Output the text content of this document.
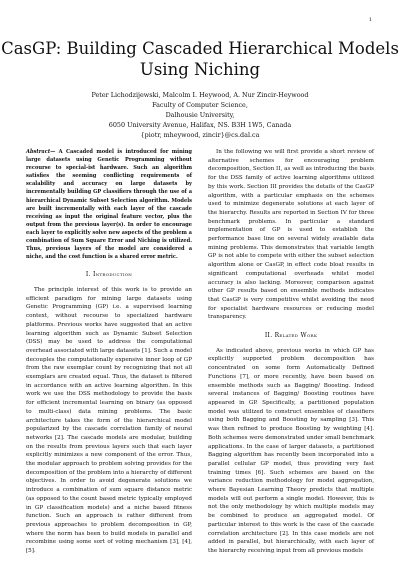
1
CasGP: Building Cascaded Hierarchical Models Using Niching
Peter Lichodzijewski, Malcolm I. Heywood, A. Nur Zincir-Heywood
Faculty of Computer Science,
Dalhousie University,
6050 University Avenue, Halifax, NS. B3H 1W5, Canada
{piotr, mheywood, zincir}@cs.dal.ca

Abstract— A Cascaded model is introduced for mining large datasets using Genetic Programming without recourse to special-ist hardware. Such an algorithm satisfies the seeming conflicting requirements of scalability and accuracy on large datasets by incrementally building GP classifiers through the use of a hierarchical Dynamic Subset Selection algorithm. Models are built incrementally with each layer of the cascade receiving as input the original feature vector, plus the output from the previous layer(s). In order to encourage each layer to explicitly solve new aspects of the problem a combination of Sum Square Error and Niching is utilized. Thus, previous layers of the model are considered a niche, and the cost function is a shared error metric.

I. Introduction

The principle interest of this work is to provide an efficient paradigm for mining large datasets using Genetic Programming (GP) i.e. a supervised learning context, without recourse to specialized hardware platforms. Previous works have suggested that an active learning algorithm such as Dynamic Subset Selection (DSS) may be used to address the computational overhead associated with large datasets [1]. Such a model decouples the computationally expensive inner loop of GP from the raw exemplar count by recognizing that not all exemplars are created equal. Thus, the dataset is filtered in accordance with an active learning algorithm. In this work we use the DSS methodology to provide the basis for efficient incremental learning on binary (as opposed to multi-class) data mining problems. The basic architecture takes the form of the hierarchical model popularized by the cascade correlation family of neural networks [2]. The cascade models are modular, building on the results from previous layers such that each layer explicitly minimizes a new component of the error. Thus, the modular approach to problem solving provides for the decomposition of the problem into a hierarchy of different objectives. In order to avoid degenerate solutions we introduce a combination of sum square distance metric (as opposed to the count based metric typically employed in GP classification models) and a niche based fitness function. Such an approach is rather different from previous approaches to problem decomposition in GP, where the norm has been to build models in parallel and recombine using some sort of voting mechanism [3], [4], [5].

In the following we will first provide a short review of alternative schemes for encouraging problem decomposition, Section II, as well as introducing the basis for the DSS family of active learning algorithms utilized by this work. Section III provides the details of the CasGP algorithm, with a particular emphasis on the schemes used to minimize degenerate solutions at each layer of the hierarchy. Results are reported in Section IV for three benchmark problems. In particular a standard implementation of GP is used to establish the performance base line on several widely available data mining problems. This demonstrates that variable length GP is not able to compete with either the subset selection algorithm alone or CasGP, in effect code bloat results in significant computational overheads whilst model accuracy is also lacking. Moreover, comparison against other GP results based on ensemble methods indicates that CasGP is very competitive whilst avoiding the need for specialist hardware resources or reducing model transparency.

II. Related Work

As indicated above, previous works in which GP has explicitly supported problem decomposition has concentrated on some form Automatically Defined Functions [7], or more recently, have been based on ensemble methods such as Bagging/ Boosting. Indeed several instances of Bagging/ Boosting routines have appeared in GP. Specifically, a partitioned population model was utilized to construct ensembles of classifiers using both Bagging and Boosting by sampling [3]. This was then refined to produce Boosting by weighting [4]. Both schemes were demonstrated under small benchmark applications. In the case of larger datasets, a partitioned Bagging algorithm has recently been incorporated into a parallel cellular GP model, thus providing very fast training times [6]. Such schemes are based on the variance reduction methodology for model aggregation, where Bayesian Learning Theory predicts that multiple models will out perform a single model. However, this is not the only methodology by which multiple models may be combined to produce an aggregated model. Of particular interest to this work is the case of the cascade correlation architecture [2]. In this case models are not added in parallel, but hierarchically, with each layer of the hierarchy receiving input from all previous models
